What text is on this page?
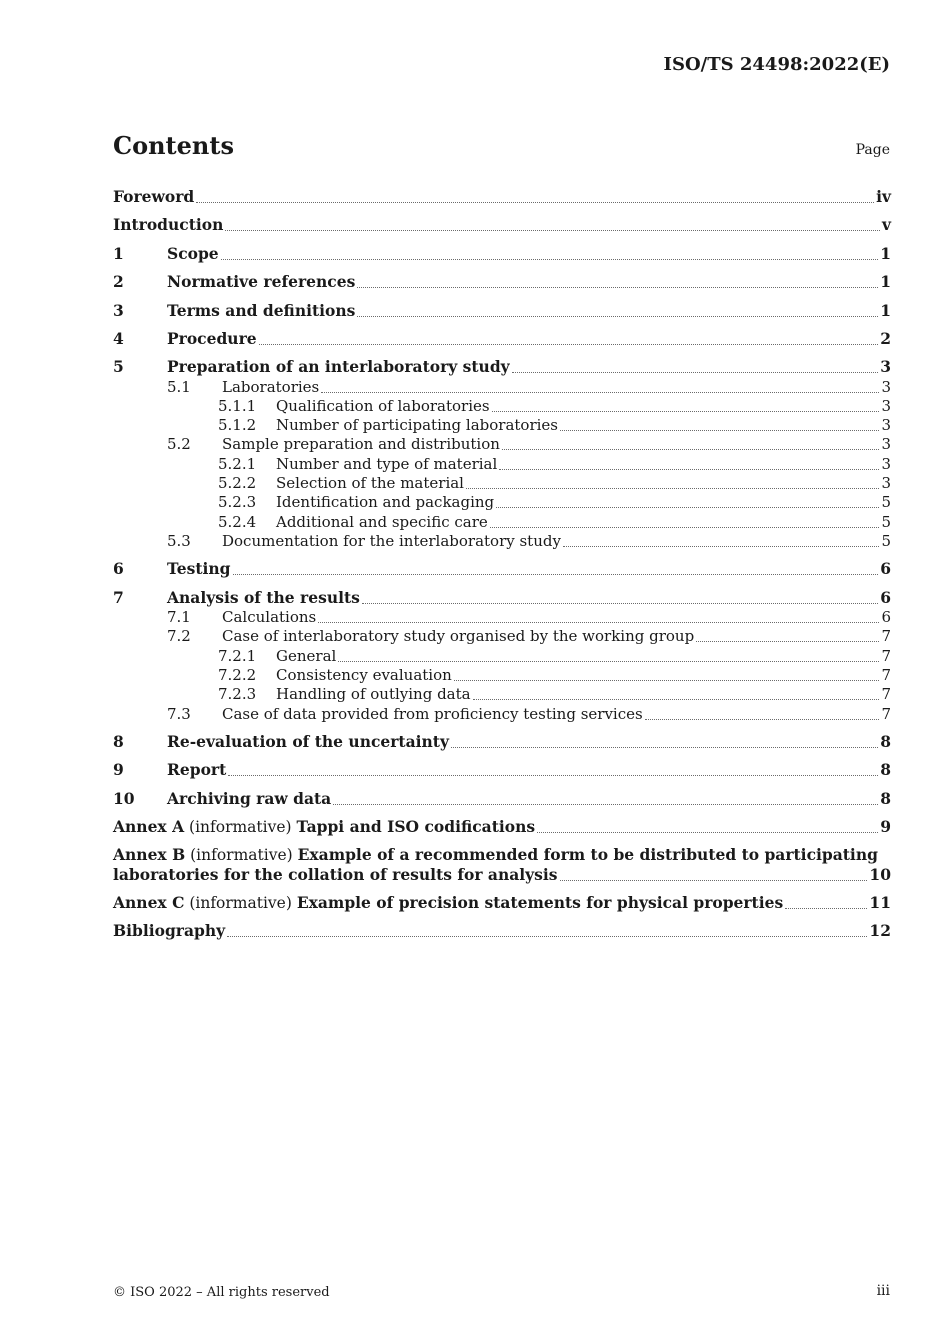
ISO/TS 24498:2022(E)
Contents	Page
Foreword	iv
Introduction	v
1	Scope	1
2	Normative references	1
3	Terms and definitions	1
4	Procedure	2
5	Preparation of an interlaboratory study	3
5.1	Laboratories	3
5.1.1	Qualification of laboratories	3
5.1.2	Number of participating laboratories	3
5.2	Sample preparation and distribution	3
5.2.1	Number and type of material	3
5.2.2	Selection of the material	3
5.2.3	Identification and packaging	5
5.2.4	Additional and specific care	5
5.3	Documentation for the interlaboratory study	5
6	Testing	6
7	Analysis of the results	6
7.1	Calculations	6
7.2	Case of interlaboratory study organised by the working group	7
7.2.1	General	7
7.2.2	Consistency evaluation	7
7.2.3	Handling of outlying data	7
7.3	Case of data provided from proficiency testing services	7
8	Re-evaluation of the uncertainty	8
9	Report	8
10	Archiving raw data	8
Annex A (informative) Tappi and ISO codifications	9
Annex B (informative) Example of a recommended form to be distributed to participating
laboratories for the collation of results for analysis	10
Annex C (informative) Example of precision statements for physical properties	11
Bibliography	12
© ISO 2022 – All rights reserved	iii
